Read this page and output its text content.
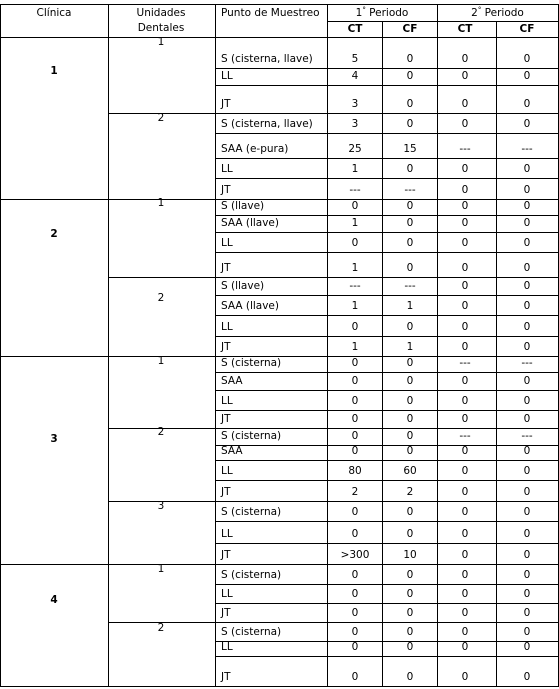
Clínica	Unidades
Dentales
Punto de Muestreo	1° Periodo	2° Periodo
CT	CF	CT	CF
1
1
S (cisterna, llave)	5	0	0	0
LL	4	0	0	0
JT	3	0	0	0
2	S (cisterna, llave)	3	0	0	0
SAA (e-pura)	25	15	---	---
LL	1	0	0	0
JT	---	---	0	0
2
1	S (llave)	0	0	0	0
SAA (llave)	1	0	0	0
LL	0	0	0	0
JT	1	0	0	0
2
S (llave)	---	---	0	0
SAA (llave)	1	1	0	0
LL	0	0	0	0
JT	1	1	0	0
3
1	S (cisterna)	0	0	---	---
SAA	0	0	0	0
LL	0	0	0	0
JT	0	0	0	0
2	S (cisterna)	0	0	---	---
SAA	0	0	0	0
LL	80	60	0	0
JT	2	2	0	0
3	S (cisterna)	0	0	0	0
LL	0	0	0	0
JT	>300	10	0	0
4
1	S (cisterna)	0	0	0	0
LL	0	0	0	0
JT	0	0	0	0
2	S (cisterna)	0	0	0	0
LL	0	0	0	0
JT	0	0	0	0
